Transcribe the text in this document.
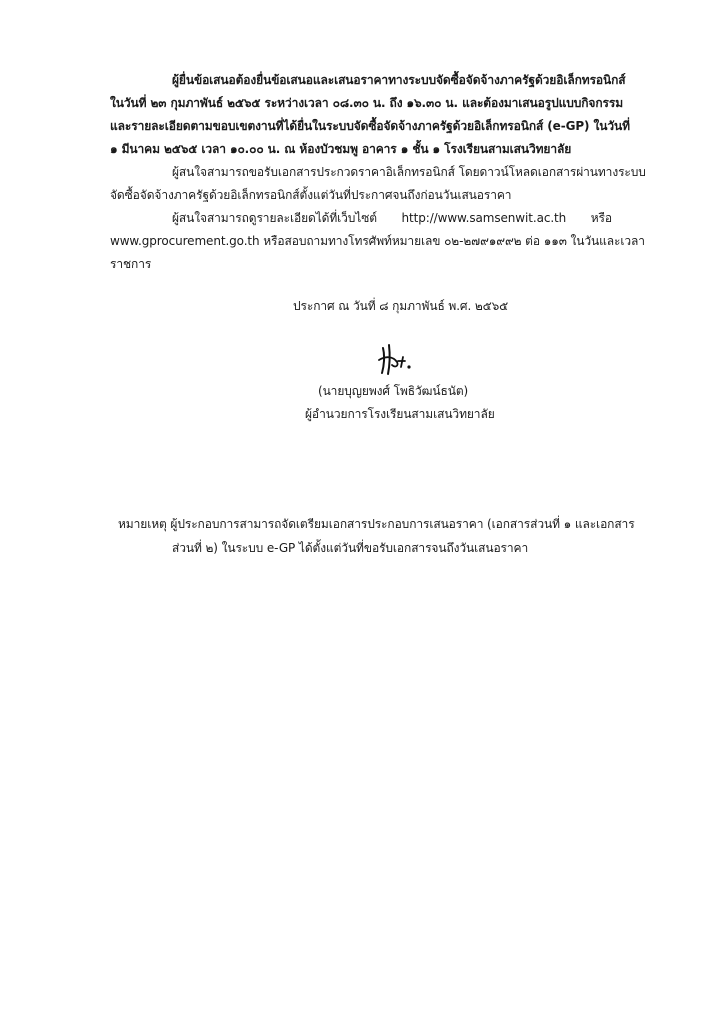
ผู้ยื่นข้อเสนอต้องยื่นข้อเสนอและเสนอราคาทางระบบจัดซื้อจัดจ้างภาครัฐด้วยอิเล็กทรอนิกส์
ในวันที่ ๒๓ กุมภาพันธ์ ๒๕๖๕ ระหว่างเวลา ๐๘.๓๐ น. ถึง ๑๖.๓๐ น. และต้องมาเสนอรูปแบบกิจกรรม
และรายละเอียดตามขอบเขตงานที่ได้ยื่นในระบบจัดซื้อจัดจ้างภาครัฐด้วยอิเล็กทรอนิกส์ (e-GP) ในวันที่
๑ มีนาคม ๒๕๖๕ เวลา ๑๐.๐๐ น. ณ ห้องบัวชมพู อาคาร ๑ ชั้น ๑ โรงเรียนสามเสนวิทยาลัย
ผู้สนใจสามารถขอรับเอกสารประกวดราคาอิเล็กทรอนิกส์ โดยดาวน์โหลดเอกสารผ่านทางระบบ
จัดซื้อจัดจ้างภาครัฐด้วยอิเล็กทรอนิกส์ตั้งแต่วันที่ประกาศจนถึงก่อนวันเสนอราคา
ผู้สนใจสามารถดูรายละเอียดได้ที่เว็บไซต์ http://www.samsenwit.ac.th หรือ
www.gprocurement.go.th หรือสอบถามทางโทรศัพท์หมายเลข ๐๒-๒๗๙๑๙๙๒ ต่อ ๑๑๓ ในวันและเวลา
ราชการ
ประกาศ ณ วันที่ ๘ กุมภาพันธ์ พ.ศ. ๒๕๖๕
(นายบุญยพงศ์ โพธิวัฒน์ธนัต)
ผู้อำนวยการโรงเรียนสามเสนวิทยาลัย
หมายเหตุ ผู้ประกอบการสามารถจัดเตรียมเอกสารประกอบการเสนอราคา (เอกสารส่วนที่ ๑ และเอกสาร
ส่วนที่ ๒) ในระบบ e-GP ได้ตั้งแต่วันที่ขอรับเอกสารจนถึงวันเสนอราคา
